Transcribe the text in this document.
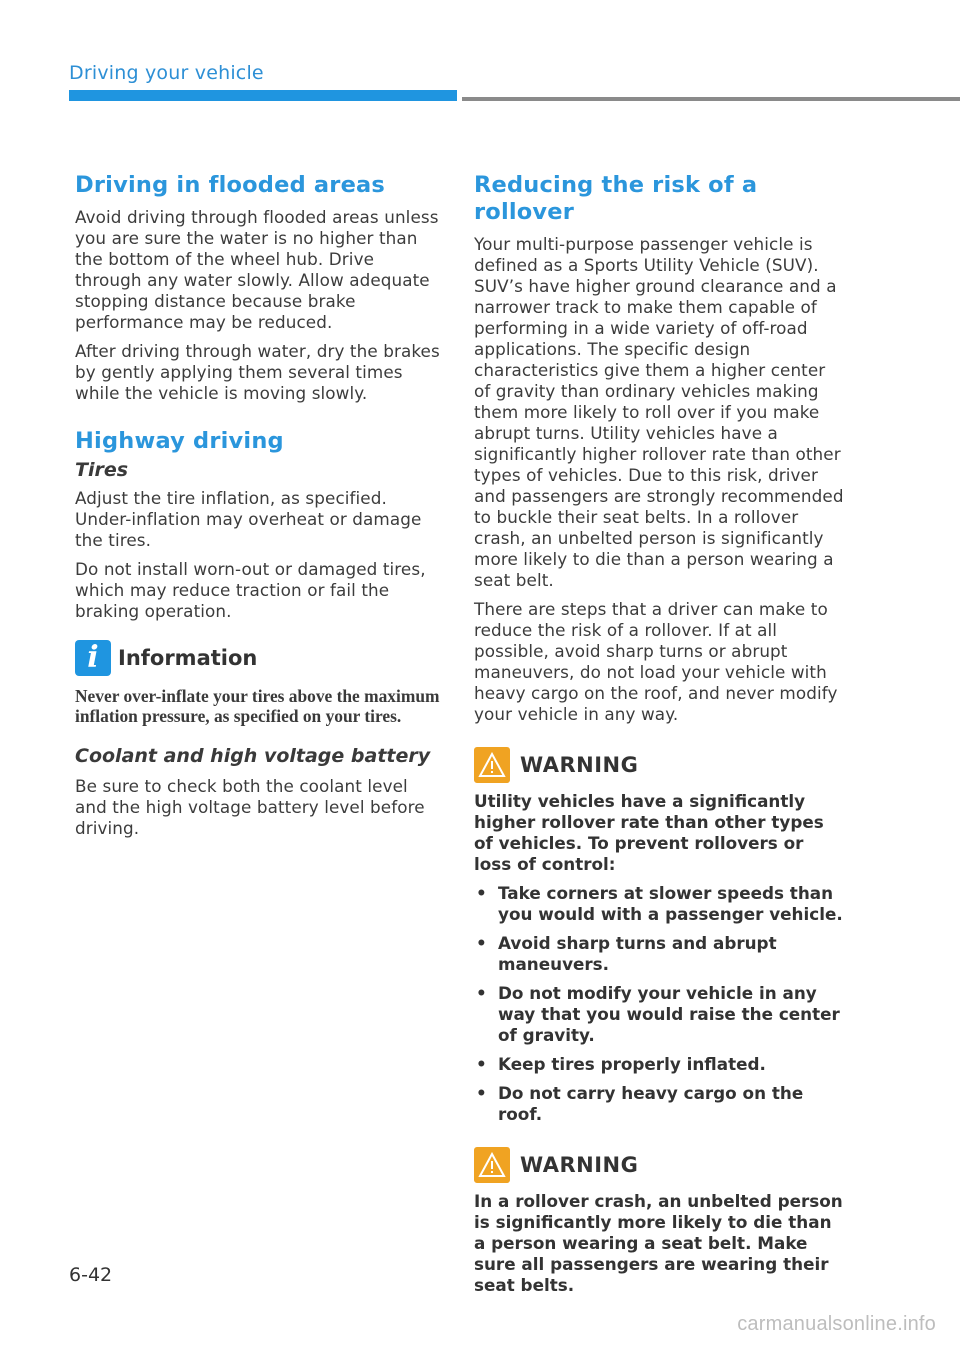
Driving your vehicle
Driving in flooded areas

Avoid driving through flooded areas unless you are sure the water is no higher than the bottom of the wheel hub. Drive through any water slowly. Allow adequate stopping distance because brake performance may be reduced.

After driving through water, dry the brakes by gently applying them several times while the vehicle is moving slowly.

Highway driving
Tires

Adjust the tire inflation, as specified. Under-inflation may overheat or damage the tires.

Do not install worn-out or damaged tires, which may reduce traction or fail the braking operation.

i Information
Never over-inflate your tires above the maximum inflation pressure, as specified on your tires.
Coolant and high voltage battery

Be sure to check both the coolant level and the high voltage battery level before driving.

Reducing the risk of a rollover

Your multi-purpose passenger vehicle is defined as a Sports Utility Vehicle (SUV). SUV’s have higher ground clearance and a narrower track to make them capable of performing in a wide variety of off-road applications. The specific design characteristics give them a higher center of gravity than ordinary vehicles making them more likely to roll over if you make abrupt turns. Utility vehicles have a significantly higher rollover rate than other types of vehicles. Due to this risk, driver and passengers are strongly recommended to buckle their seat belts. In a rollover crash, an unbelted person is significantly more likely to die than a person wearing a seat belt.

There are steps that a driver can make to reduce the risk of a rollover. If at all possible, avoid sharp turns or abrupt maneuvers, do not load your vehicle with heavy cargo on the roof, and never modify your vehicle in any way.

WARNING
Utility vehicles have a significantly higher rollover rate than other types of vehicles. To prevent rollovers or loss of control:
• Take corners at slower speeds than you would with a passenger vehicle.
• Avoid sharp turns and abrupt maneuvers.
• Do not modify your vehicle in any way that you would raise the center of gravity.
• Keep tires properly inflated.
• Do not carry heavy cargo on the roof.
WARNING
In a rollover crash, an unbelted person is significantly more likely to die than a person wearing a seat belt. Make sure all passengers are wearing their seat belts.
6-42
carmanualsonline.info
